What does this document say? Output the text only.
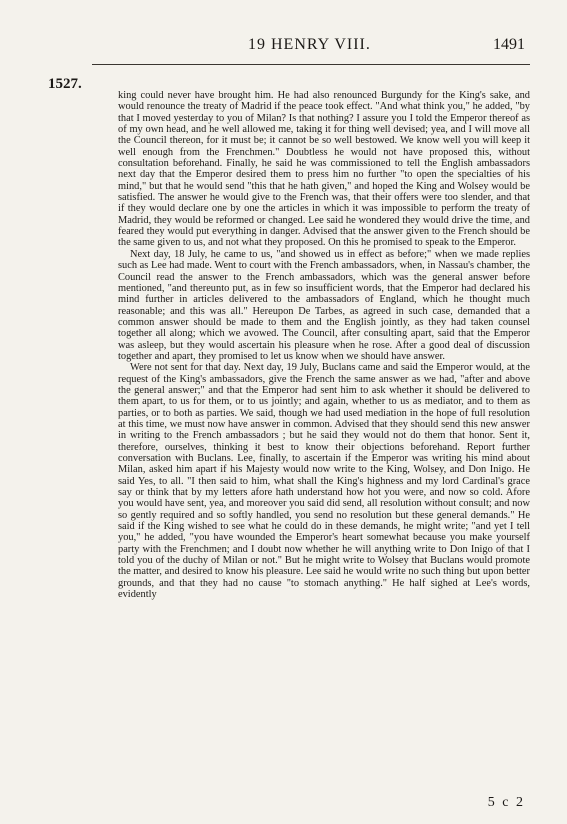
19 HENRY VIII.	1491
1527.

king could never have brought him. He had also renounced Burgundy for the King's sake, and would renounce the treaty of Madrid if the peace took effect. "And what think you," he added, "by that I moved yesterday to you of Milan? Is that nothing? I assure you I told the Emperor thereof as of my own head, and he well allowed me, taking it for thing well devised; yea, and I will move all the Council thereon, for it must be; it cannot be so well bestowed. We know well you will keep it well enough from the Frenchmen." Doubtless he would not have proposed this, without consultation beforehand. Finally, he said he was commissioned to tell the English ambassadors next day that the Emperor desired them to press him no further "to open the specialties of his mind," but that he would send "this that he hath given," and hoped the King and Wolsey would be satisfied. The answer he would give to the French was, that their offers were too slender, and that if they would declare one by one the articles in which it was impossible to perform the treaty of Madrid, they would be reformed or changed. Lee said he wondered they would drive the time, and feared they would put everything in danger. Advised that the answer given to the French should be the same given to us, and not what they proposed. On this he promised to speak to the Emperor.

Next day, 18 July, he came to us, "and showed us in effect as before;" when we made replies such as Lee had made. Went to court with the French ambassadors, when, in Nassau's chamber, the Council read the answer to the French ambassadors, which was the general answer before mentioned, "and thereunto put, as in few so insufficient words, that the Emperor had declared his mind further in articles delivered to the ambassadors of England, which he thought much reasonable; and this was all." Hereupon De Tarbes, as agreed in such case, demanded that a common answer should be made to them and the English jointly, as they had taken counsel together all along; which we avowed. The Council, after consulting apart, said that the Emperor was asleep, but they would ascertain his pleasure when he rose. After a good deal of discussion together and apart, they promised to let us know when we should have answer.

Were not sent for that day. Next day, 19 July, Buclans came and said the Emperor would, at the request of the King's ambassadors, give the French the same answer as we had, "after and above the general answer;" and that the Emperor had sent him to ask whether it should be delivered to them apart, to us for them, or to us jointly; and again, whether to us as mediator, and to them as parties, or to both as parties. We said, though we had used mediation in the hope of full resolution at this time, we must now have answer in common. Advised that they should send this new answer in writing to the French ambassadors ; but he said they would not do them that honor. Sent it, therefore, ourselves, thinking it best to know their objections beforehand. Report further conversation with Buclans. Lee, finally, to ascertain if the Emperor was writing his mind about Milan, asked him apart if his Majesty would now write to the King, Wolsey, and Don Inigo. He said Yes, to all. "I then said to him, what shall the King's highness and my lord Cardinal's grace say or think that by my letters afore hath understand how hot you were, and now so cold. Afore you would have sent, yea, and moreover you said did send, all resolution without consult; and now so gently required and so softly handled, you send no resolution but these general demands." He said if the King wished to see what he could do in these demands, he might write; "and yet I tell you," he added, "you have wounded the Emperor's heart somewhat because you make yourself party with the Frenchmen; and I doubt now whether he will anything write to Don Inigo of that I told you of the duchy of Milan or not." But he might write to Wolsey that Buclans would promote the matter, and desired to know his pleasure. Lee said he would write no such thing but upon better grounds, and that they had no cause "to stomach anything." He half sighed at Lee's words, evidently

5 c 2
